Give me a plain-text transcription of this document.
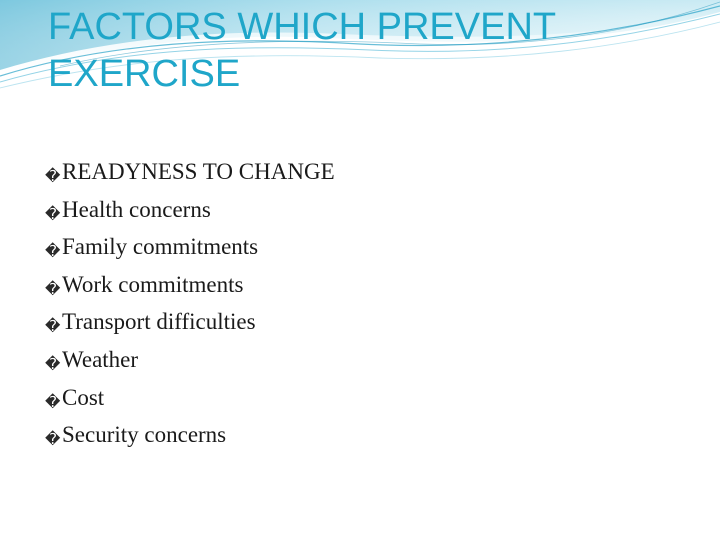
FACTORS WHICH PREVENT EXERCISE
�READYNESS TO CHANGE
�Health concerns
�Family commitments
�Work commitments
�Transport difficulties
�Weather
�Cost
�Security concerns
